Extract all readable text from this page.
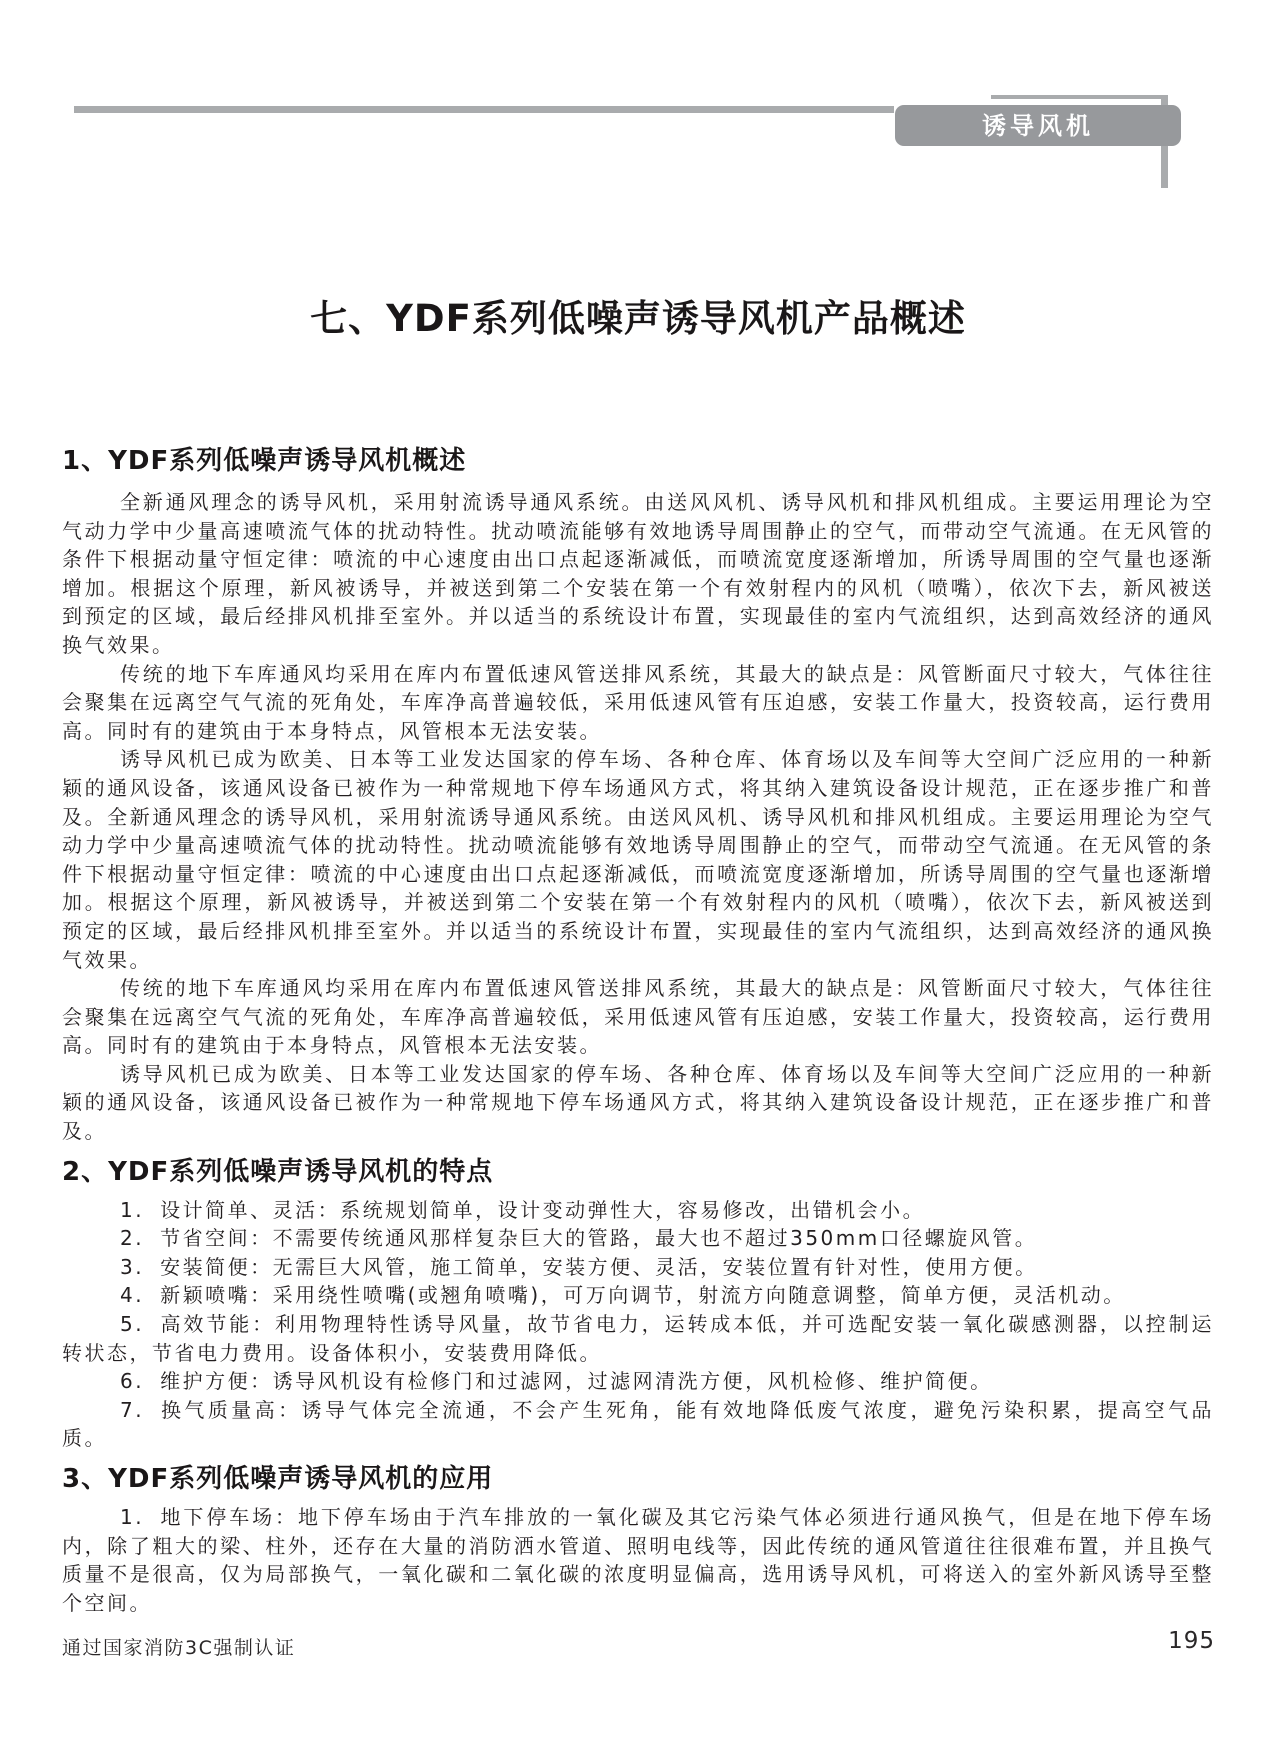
诱导风机
七、YDF系列低噪声诱导风机产品概述
1、YDF系列低噪声诱导风机概述

全新通风理念的诱导风机，采用射流诱导通风系统。由送风风机、诱导风机和排风机组成。主要运用理论为空气动力学中少量高速喷流气体的扰动特性。扰动喷流能够有效地诱导周围静止的空气，而带动空气流通。在无风管的条件下根据动量守恒定律：喷流的中心速度由出口点起逐渐减低，而喷流宽度逐渐增加，所诱导周围的空气量也逐渐增加。根据这个原理，新风被诱导，并被送到第二个安装在第一个有效射程内的风机（喷嘴），依次下去，新风被送到预定的区域，最后经排风机排至室外。并以适当的系统设计布置，实现最佳的室内气流组织，达到高效经济的通风换气效果。

传统的地下车库通风均采用在库内布置低速风管送排风系统，其最大的缺点是：风管断面尺寸较大，气体往往会聚集在远离空气气流的死角处，车库净高普遍较低，采用低速风管有压迫感，安装工作量大，投资较高，运行费用高。同时有的建筑由于本身特点，风管根本无法安装。

诱导风机已成为欧美、日本等工业发达国家的停车场、各种仓库、体育场以及车间等大空间广泛应用的一种新颖的通风设备，该通风设备已被作为一种常规地下停车场通风方式，将其纳入建筑设备设计规范，正在逐步推广和普及。全新通风理念的诱导风机，采用射流诱导通风系统。由送风风机、诱导风机和排风机组成。主要运用理论为空气动力学中少量高速喷流气体的扰动特性。扰动喷流能够有效地诱导周围静止的空气，而带动空气流通。在无风管的条件下根据动量守恒定律：喷流的中心速度由出口点起逐渐减低，而喷流宽度逐渐增加，所诱导周围的空气量也逐渐增加。根据这个原理，新风被诱导，并被送到第二个安装在第一个有效射程内的风机（喷嘴），依次下去，新风被送到预定的区域，最后经排风机排至室外。并以适当的系统设计布置，实现最佳的室内气流组织，达到高效经济的通风换气效果。

传统的地下车库通风均采用在库内布置低速风管送排风系统，其最大的缺点是：风管断面尺寸较大，气体往往会聚集在远离空气气流的死角处，车库净高普遍较低，采用低速风管有压迫感，安装工作量大，投资较高，运行费用高。同时有的建筑由于本身特点，风管根本无法安装。

诱导风机已成为欧美、日本等工业发达国家的停车场、各种仓库、体育场以及车间等大空间广泛应用的一种新颖的通风设备，该通风设备已被作为一种常规地下停车场通风方式，将其纳入建筑设备设计规范，正在逐步推广和普及。

2、YDF系列低噪声诱导风机的特点

1. 设计简单、灵活：系统规划简单，设计变动弹性大，容易修改，出错机会小。

2. 节省空间：不需要传统通风那样复杂巨大的管路，最大也不超过350mm口径螺旋风管。

3. 安装简便：无需巨大风管，施工简单，安装方便、灵活，安装位置有针对性，使用方便。

4. 新颖喷嘴：采用绕性喷嘴(或翘角喷嘴)，可万向调节，射流方向随意调整，简单方便，灵活机动。

5. 高效节能：利用物理特性诱导风量，故节省电力，运转成本低，并可选配安装一氧化碳感测器，以控制运转状态，节省电力费用。设备体积小，安装费用降低。

6. 维护方便：诱导风机设有检修门和过滤网，过滤网清洗方便，风机检修、维护简便。

7. 换气质量高：诱导气体完全流通，不会产生死角，能有效地降低废气浓度，避免污染积累，提高空气品质。

3、YDF系列低噪声诱导风机的应用

1. 地下停车场：地下停车场由于汽车排放的一氧化碳及其它污染气体必须进行通风换气，但是在地下停车场内，除了粗大的梁、柱外，还存在大量的消防洒水管道、照明电线等，因此传统的通风管道往往很难布置，并且换气质量不是很高，仅为局部换气，一氧化碳和二氧化碳的浓度明显偏高，选用诱导风机，可将送入的室外新风诱导至整个空间。

通过国家消防3C强制认证	195
